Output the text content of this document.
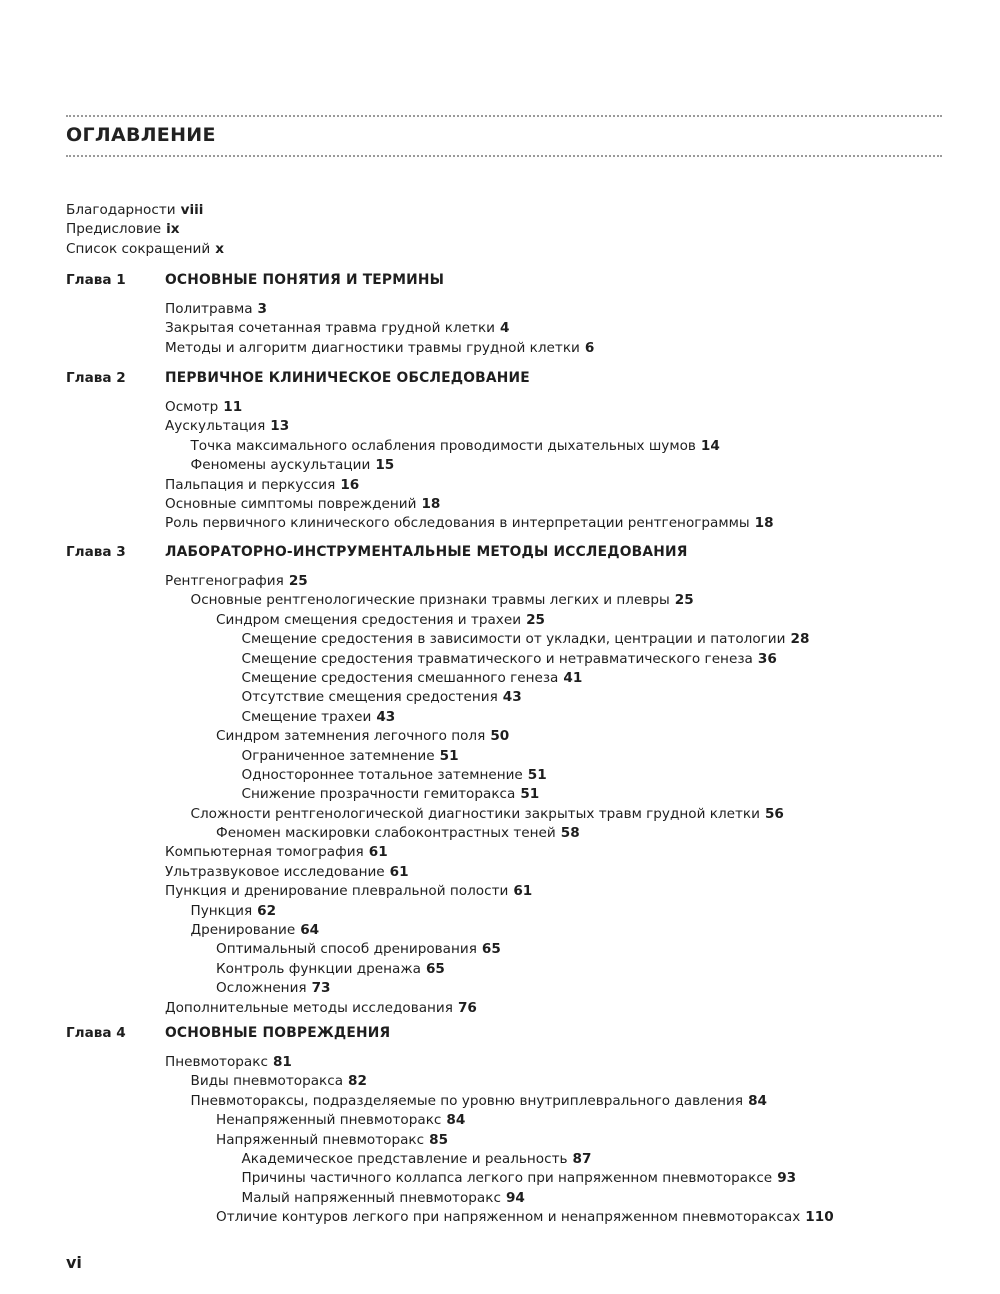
ОГЛАВЛЕНИЕ
Благодарности viii
Предисловие ix
Список сокращений x
Глава 1	ОСНОВНЫЕ ПОНЯТИЯ И ТЕРМИНЫ
Политравма 3
Закрытая сочетанная травма грудной клетки 4
Методы и алгоритм диагностики травмы грудной клетки 6
Глава 2	ПЕРВИЧНОЕ КЛИНИЧЕСКОЕ ОБСЛЕДОВАНИЕ
Осмотр 11
Аускультация 13
Точка максимального ослабления проводимости дыхательных шумов 14
Феномены аускультации 15
Пальпация и перкуссия 16
Основные симптомы повреждений 18
Роль первичного клинического обследования в интерпретации рентгенограммы 18
Глава 3	ЛАБОРАТОРНО-ИНСТРУМЕНТАЛЬНЫЕ МЕТОДЫ ИССЛЕДОВАНИЯ
Рентгенография 25
Основные рентгенологические признаки травмы легких и плевры 25
Синдром смещения средостения и трахеи 25
Смещение средостения в зависимости от укладки, центрации и патологии 28
Смещение средостения травматического и нетравматического генеза 36
Смещение средостения смешанного генеза 41
Отсутствие смещения средостения 43
Смещение трахеи 43
Синдром затемнения легочного поля 50
Ограниченное затемнение 51
Одностороннее тотальное затемнение 51
Снижение прозрачности гемиторакса 51
Сложности рентгенологической диагностики закрытых травм грудной клетки 56
Феномен маскировки слабоконтрастных теней 58
Компьютерная томография 61
Ультразвуковое исследование 61
Пункция и дренирование плевральной полости 61
Пункция 62
Дренирование 64
Оптимальный способ дренирования 65
Контроль функции дренажа 65
Осложнения 73
Дополнительные методы исследования 76
Глава 4	ОСНОВНЫЕ ПОВРЕЖДЕНИЯ
Пневмоторакс 81
Виды пневмоторакса 82
Пневмотораксы, подразделяемые по уровню внутриплеврального давления 84
Ненапряженный пневмоторакс 84
Напряженный пневмоторакс 85
Академическое представление и реальность 87
Причины частичного коллапса легкого при напряженном пневмотораксе 93
Малый напряженный пневмоторакс 94
Отличие контуров легкого при напряженном и ненапряженном пневмотораксах 110
vi
